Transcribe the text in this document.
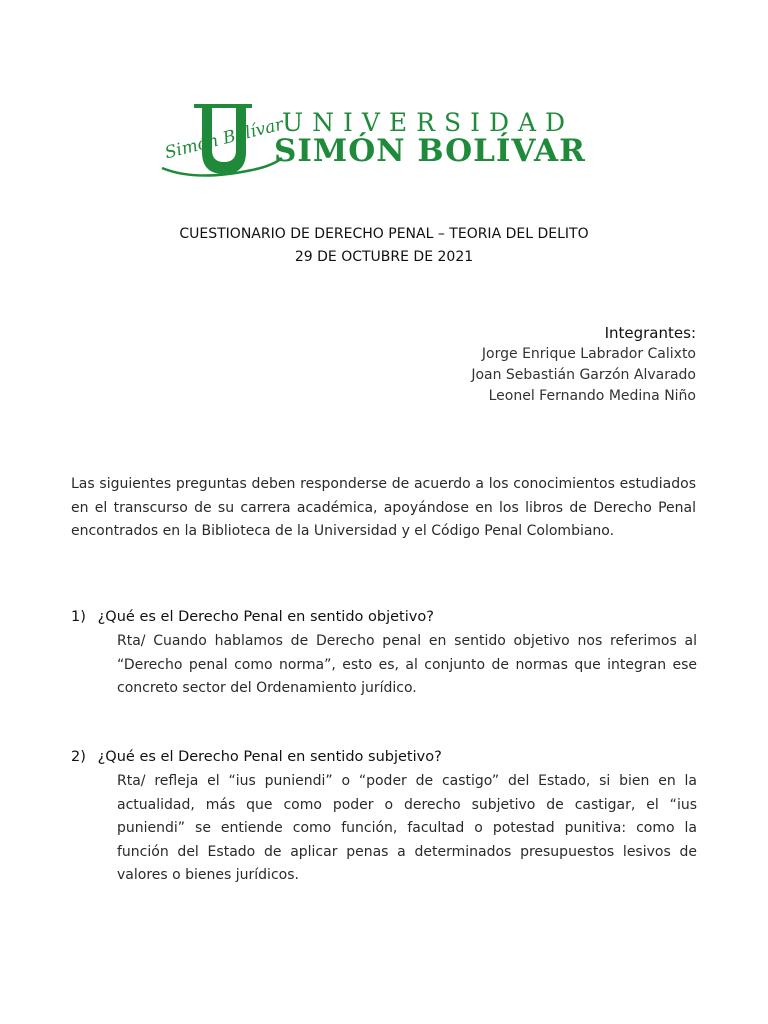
Simón Bolívar
UNIVERSIDAD
SIMÓN BOLÍVAR
CUESTIONARIO DE DERECHO PENAL – TEORIA DEL DELITO
29 DE OCTUBRE DE 2021
Integrantes:
Jorge Enrique Labrador Calixto
Joan Sebastián Garzón Alvarado
Leonel Fernando Medina Niño
Las siguientes preguntas deben responderse de acuerdo a los conocimientos estudiados en el transcurso de su carrera académica, apoyándose en los libros de Derecho Penal encontrados en la Biblioteca de la Universidad y el Código Penal Colombiano.
1) ¿Qué es el Derecho Penal en sentido objetivo?
Rta/ Cuando hablamos de Derecho penal en sentido objetivo nos referimos al “Derecho penal como norma”, esto es, al conjunto de normas que integran ese concreto sector del Ordenamiento jurídico.
2) ¿Qué es el Derecho Penal en sentido subjetivo?
Rta/ refleja el “ius puniendi” o “poder de castigo” del Estado, si bien en la actualidad, más que como poder o derecho subjetivo de castigar, el “ius puniendi” se entiende como función, facultad o potestad punitiva: como la función del Estado de aplicar penas a determinados presupuestos lesivos de valores o bienes jurídicos.
